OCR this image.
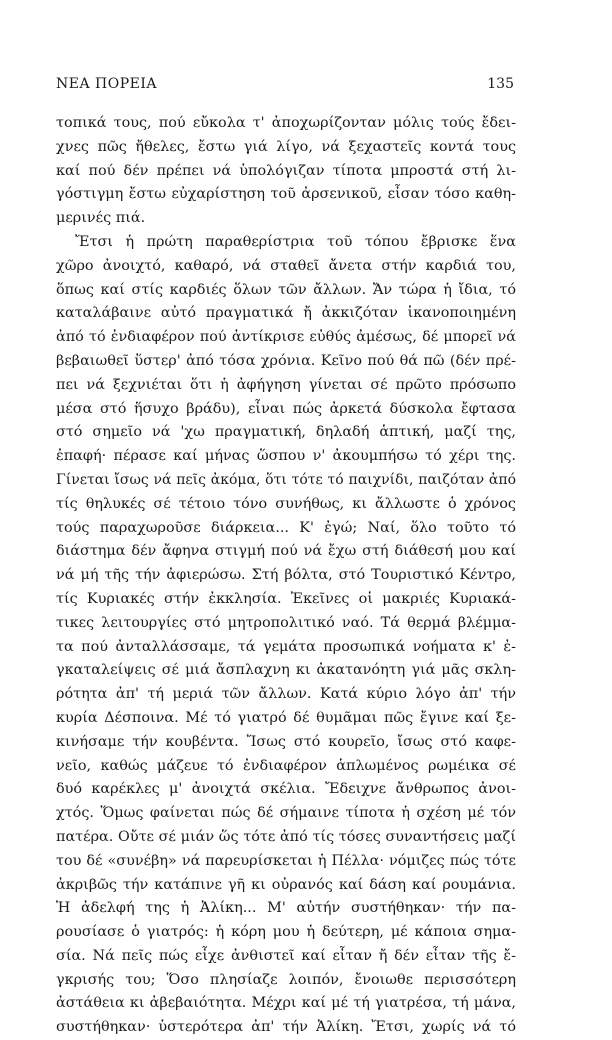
ΝΕΑ ΠΟΡΕΙΑ	135
τοπικά τους, πού εὔκολα τ' ἀποχωρίζονταν μόλις τούς ἔδει-
χνες πῶς ἤθελες, ἔστω γιά λίγο, νά ξεχαστεῖς κοντά τους
καί πού δέν πρέπει νά ὑπολόγιζαν τίποτα μπροστά στή λι-
γόστιγμη ἔστω εὐχαρίστηση τοῦ ἀρσενικοῦ, εἶσαν τόσο καθη-
μερινές πιά.
Ἔτσι ἡ πρώτη παραθερίστρια τοῦ τόπου ἔβρισκε ἕνα
χῶρο ἀνοιχτό, καθαρό, νά σταθεῖ ἄνετα στήν καρδιά του,
ὅπως καί στίς καρδιές ὅλων τῶν ἄλλων. Ἄν τώρα ἡ ἴδια, τό
καταλάβαινε αὐτό πραγματικά ἤ ἀκκιζόταν ἱκανοποιημένη
ἀπό τό ἐνδιαφέρον πού ἀντίκρισε εὐθύς ἀμέσως, δέ μπορεῖ νά
βεβαιωθεῖ ὕστερ' ἀπό τόσα χρόνια. Κεῖνο πού θά πῶ (δέν πρέ-
πει νά ξεχνιέται ὅτι ἡ ἀφήγηση γίνεται σέ πρῶτο πρόσωπο
μέσα στό ἥσυχο βράδυ), εἶναι πώς ἀρκετά δύσκολα ἔφτασα
στό σημεῖο νά 'χω πραγματική, δηλαδή ἁπτική, μαζί της,
ἐπαφή· πέρασε καί μήνας ὥσπου ν' ἀκουμπήσω τό χέρι της.
Γίνεται ἴσως νά πεῖς ἀκόμα, ὅτι τότε τό παιχνίδι, παιζόταν ἀπό
τίς θηλυκές σέ τέτοιο τόνο συνήθως, κι ἄλλωστε ὁ χρόνος
τούς παραχωροῦσε διάρκεια... Κ' ἐγώ; Ναί, ὅλο τοῦτο τό
διάστημα δέν ἄφηνα στιγμή πού νά ἔχω στή διάθεσή μου καί
νά μή τῆς τήν ἀφιερώσω. Στή βόλτα, στό Τουριστικό Κέντρο,
τίς Κυριακές στήν ἐκκλησία. Ἐκεῖνες οἱ μακριές Κυριακά-
τικες λειτουργίες στό μητροπολιτικό ναό. Τά θερμά βλέμμα-
τα πού ἀνταλλάσσαμε, τά γεμάτα προσωπικά νοήματα κ' ἐ-
γκαταλείψεις σέ μιά ἄσπλαχνη κι ἀκατανόητη γιά μᾶς σκλη-
ρότητα ἀπ' τή μεριά τῶν ἄλλων. Κατά κύριο λόγο ἀπ' τήν
κυρία Δέσποινα. Μέ τό γιατρό δέ θυμᾶμαι πῶς ἔγινε καί ξε-
κινήσαμε τήν κουβέντα. Ἴσως στό κουρεῖο, ἴσως στό καφε-
νεῖο, καθώς μάζευε τό ἐνδιαφέρον ἁπλωμένος ρωμέικα σέ
δυό καρέκλες μ' ἀνοιχτά σκέλια. Ἔδειχνε ἄνθρωπος ἀνοι-
χτός. Ὅμως φαίνεται πώς δέ σήμαινε τίποτα ἡ σχέση μέ τόν
πατέρα. Οὔτε σέ μιάν ὥς τότε ἀπό τίς τόσες συναντήσεις μαζί
του δέ «συνέβη» νά παρευρίσκεται ἡ Πέλλα· νόμιζες πώς τότε
ἀκριβῶς τήν κατάπινε γῆ κι οὐρανός καί δάση καί ρουμάνια.
Ἡ ἀδελφή της ἡ Ἀλίκη... Μ' αὐτήν συστήθηκαν· τήν πα-
ρουσίασε ὁ γιατρός: ἡ κόρη μου ἡ δεύτερη, μέ κάποια σημα-
σία. Νά πεῖς πώς εἶχε ἀνθιστεῖ καί εἶταν ἤ δέν εἶταν τῆς ἔ-
γκρισής του; Ὅσο πλησίαζε λοιπόν, ἔνοιωθε περισσότερη
ἀστάθεια κι ἀβεβαιότητα. Μέχρι καί μέ τή γιατρέσα, τή μάνα,
συστήθηκαν· ὑστερότερα ἀπ' τήν Ἀλίκη. Ἔτσι, χωρίς νά τό
